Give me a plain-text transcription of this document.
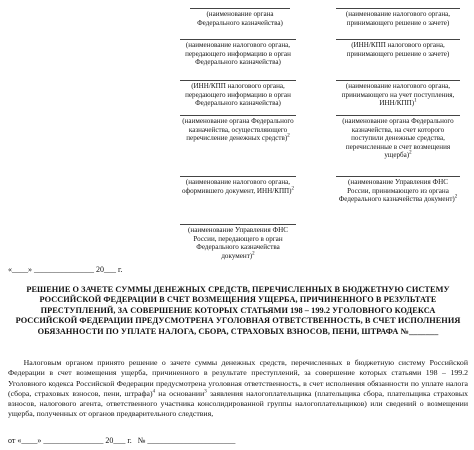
(наименование органа Федерального казначейства)
(наименование налогового органа, передающего информацию в орган Федерального казначейства)
(ИНН/КПП налогового органа, передающего информацию в орган Федерального казначейства)
(наименование органа Федерального казначейства, осуществляющего перечисление денежных средств)$^2$
(наименование налогового органа, оформившего документ, ИНН/КПП)$^2$
(наименование Управления ФНС России, передающего в орган Федерального казначейства документ)$^2$
(наименование налогового органа, принимающего решение о зачете)
(ИНН/КПП налогового органа, принимающего решение о зачете)
(наименование налогового органа, принимающего на учет поступления, ИНН/КПП)$^1$
(наименование органа Федерального казначейства, на счет которого поступили денежные средства, перечисленные в счет возмещения ущерба)$^2$
(наименование Управления ФНС России, принимающего из органа Федерального казначейства документ)$^2$
«____» _______________ 20___ г.
РЕШЕНИЕ О ЗАЧЕТЕ СУММЫ ДЕНЕЖНЫХ СРЕДСТВ, ПЕРЕЧИСЛЕННЫХ В БЮДЖЕТНУЮ СИСТЕМУ РОССИЙСКОЙ ФЕДЕРАЦИИ В СЧЕТ ВОЗМЕЩЕНИЯ УЩЕРБА, ПРИЧИНЕННОГО В РЕЗУЛЬТАТЕ ПРЕСТУПЛЕНИЙ, ЗА СОВЕРШЕНИЕ КОТОРЫХ СТАТЬЯМИ 198 – 199.2 УГОЛОВНОГО КОДЕКСА РОССИЙСКОЙ ФЕДЕРАЦИИ ПРЕДУСМОТРЕНА УГОЛОВНАЯ ОТВЕТСТВЕННОСТЬ, В СЧЕТ ИСПОЛНЕНИЯ ОБЯЗАННОСТИ ПО УПЛАТЕ НАЛОГА, СБОРА, СТРАХОВЫХ ВЗНОСОВ, ПЕНИ, ШТРАФА №_______
  Налоговым органом принято решение о зачете суммы денежных средств, перечисленных в бюджетную систему Российской Федерации в счет возмещения ущерба, причиненного в результате преступлений, за совершение которых статьями 198 – 199.2 Уголовного кодекса Российской Федерации предусмотрена уголовная ответственность, в счет исполнения обязанности по уплате налога (сбора, страховых взносов, пени, штрафа)$^4$ на основании$^3$ заявления налогоплательщика (плательщика сбора, плательщика страховых взносов, налогового агента, ответственного участника консолидированной группы налогоплательщиков) или сведений о возмещении ущерба, полученных от органов предварительного следствия,
от «____» _______________ 20___ г.   № ______________________
